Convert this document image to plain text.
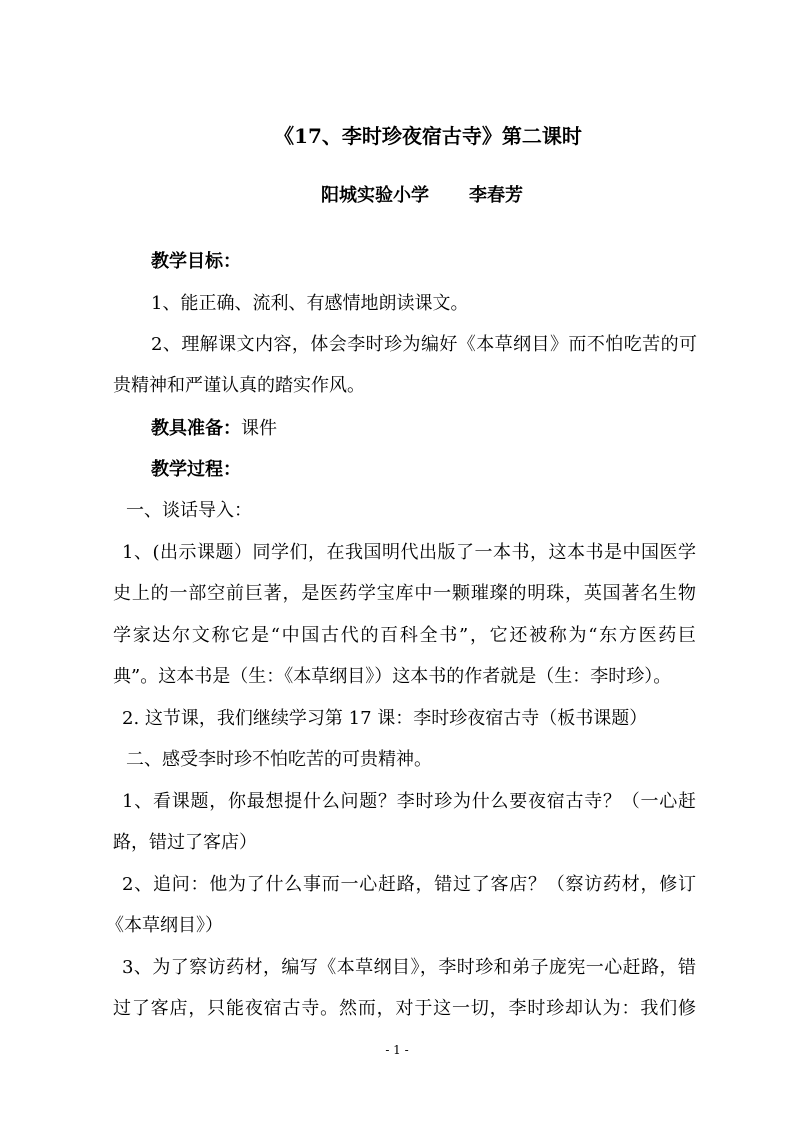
《17、李时珍夜宿古寺》第二课时
阳城实验小学 李春芳
教学目标：
1、能正确、流利、有感情地朗读课文。
2、理解课文内容，体会李时珍为编好《本草纲目》而不怕吃苦的可
贵精神和严谨认真的踏实作风。
教具准备：课件
教学过程：
一、谈话导入：
1、(出示课题）同学们，在我国明代出版了一本书，这本书是中国医学
史上的一部空前巨著，是医药学宝库中一颗璀璨的明珠，英国著名生物
学家达尔文称它是“中国古代的百科全书”，它还被称为“东方医药巨
典”。这本书是（生：《本草纲目》）这本书的作者就是（生：李时珍）。
2. 这节课，我们继续学习第 17 课：李时珍夜宿古寺（板书课题）
二、感受李时珍不怕吃苦的可贵精神。
1、看课题，你最想提什么问题？李时珍为什么要夜宿古寺？（一心赶
路，错过了客店）
2、追问：他为了什么事而一心赶路，错过了客店？（察访药材，修订
《本草纲目》）
3、为了察访药材，编写《本草纲目》，李时珍和弟子庞宪一心赶路，错
过了客店，只能夜宿古寺。然而，对于这一切，李时珍却认为：我们修
- 1 -
